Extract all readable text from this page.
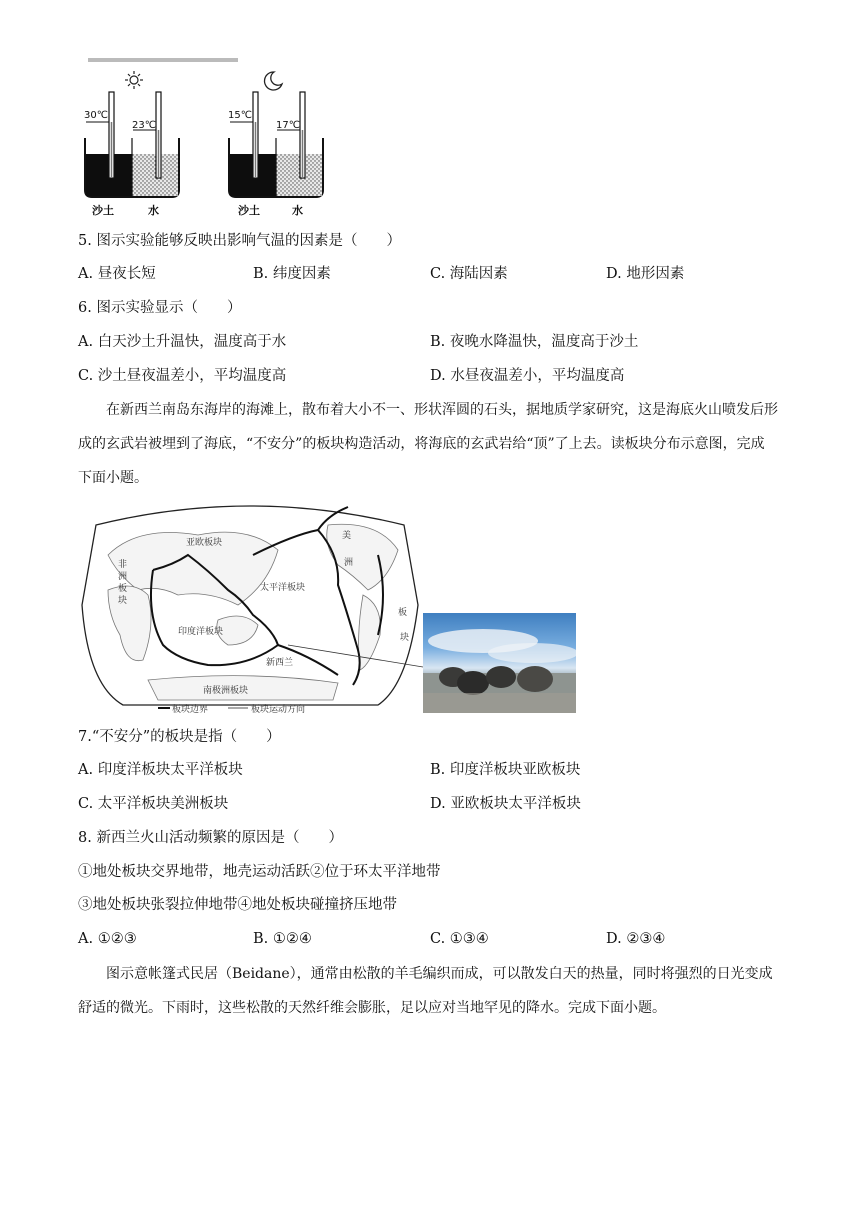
30℃
23℃
15℃
17℃
沙土	水	沙土	水
5. 图示实验能够反映出影响气温的因素是（　　）
A. 昼夜长短	B. 纬度因素	C. 海陆因素	D. 地形因素
6. 图示实验显示（　　）
A. 白天沙土升温快，温度高于水	B. 夜晚水降温快，温度高于沙土
C. 沙土昼夜温差小，平均温度高	D. 水昼夜温差小，平均温度高
在新西兰南岛东海岸的海滩上，散布着大小不一、形状浑圆的石头，据地质学家研究，这是海底火山喷发后形成的玄武岩被埋到了海底，“不安分”的板块构造活动，将海底的玄武岩给“顶”了上去。读板块分布示意图，完成下面小题。
亚欧板块
非洲板块
太平洋板块
美
洲
板
块
印度洋板块
新西兰
南极洲板块
板块边界	板块运动方向
7.“不安分”的板块是指（　　）
A. 印度洋板块太平洋板块	B. 印度洋板块亚欧板块
C. 太平洋板块美洲板块	D. 亚欧板块太平洋板块
8. 新西兰火山活动频繁的原因是（　　）
①地处板块交界地带，地壳运动活跃②位于环太平洋地带
③地处板块张裂拉伸地带④地处板块碰撞挤压地带
A. ①②③	B. ①②④	C. ①③④	D. ②③④
图示意帐篷式民居（Beidane），通常由松散的羊毛编织而成，可以散发白天的热量，同时将强烈的日光变成舒适的微光。下雨时，这些松散的天然纤维会膨胀，足以应对当地罕见的降水。完成下面小题。
